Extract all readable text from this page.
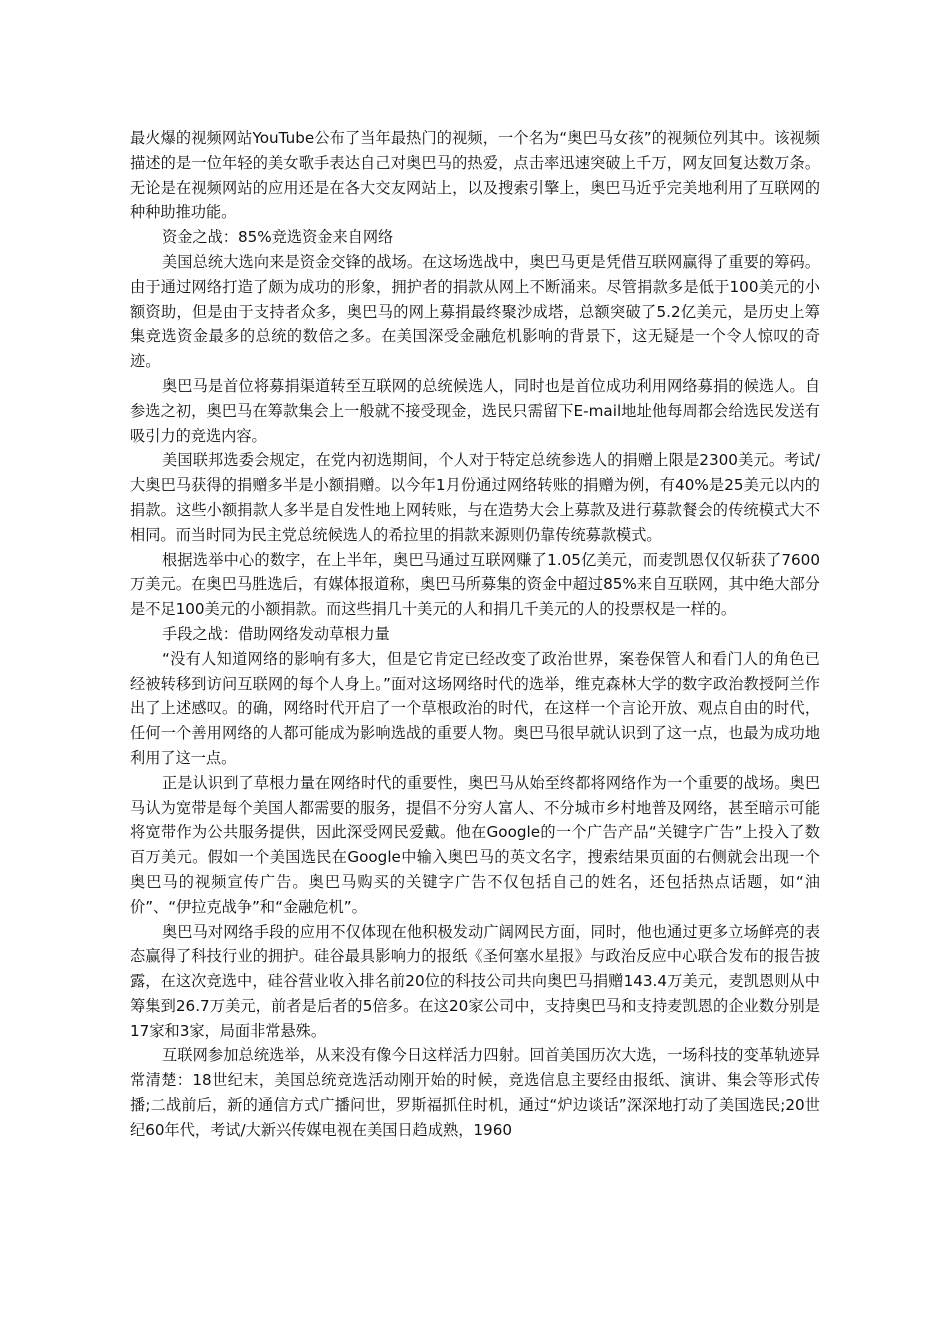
最火爆的视频网站YouTube公布了当年最热门的视频，一个名为“奥巴马女孩”的视频位列其中。该视频描述的是一位年轻的美女歌手表达自己对奥巴马的热爱，点击率迅速突破上千万，网友回复达数万条。无论是在视频网站的应用还是在各大交友网站上，以及搜索引擎上，奥巴马近乎完美地利用了互联网的种种助推功能。

资金之战：85%竞选资金来自网络

美国总统大选向来是资金交锋的战场。在这场选战中，奥巴马更是凭借互联网赢得了重要的筹码。由于通过网络打造了颇为成功的形象，拥护者的捐款从网上不断涌来。尽管捐款多是低于100美元的小额资助，但是由于支持者众多，奥巴马的网上募捐最终聚沙成塔，总额突破了5.2亿美元，是历史上筹集竞选资金最多的总统的数倍之多。在美国深受金融危机影响的背景下，这无疑是一个令人惊叹的奇迹。

奥巴马是首位将募捐渠道转至互联网的总统候选人，同时也是首位成功利用网络募捐的候选人。自参选之初，奥巴马在筹款集会上一般就不接受现金，选民只需留下E-mail地址他每周都会给选民发送有吸引力的竞选内容。

美国联邦选委会规定，在党内初选期间，个人对于特定总统参选人的捐赠上限是2300美元。考试/大奥巴马获得的捐赠多半是小额捐赠。以今年1月份通过网络转账的捐赠为例，有40%是25美元以内的捐款。这些小额捐款人多半是自发性地上网转账，与在造势大会上募款及进行募款餐会的传统模式大不相同。而当时同为民主党总统候选人的希拉里的捐款来源则仍靠传统募款模式。

根据选举中心的数字，在上半年，奥巴马通过互联网赚了1.05亿美元，而麦凯恩仅仅斩获了7600万美元。在奥巴马胜选后，有媒体报道称，奥巴马所募集的资金中超过85%来自互联网，其中绝大部分是不足100美元的小额捐款。而这些捐几十美元的人和捐几千美元的人的投票权是一样的。

手段之战：借助网络发动草根力量

“没有人知道网络的影响有多大，但是它肯定已经改变了政治世界，案卷保管人和看门人的角色已经被转移到访问互联网的每个人身上。”面对这场网络时代的选举，维克森林大学的数字政治教授阿兰作出了上述感叹。的确，网络时代开启了一个草根政治的时代，在这样一个言论开放、观点自由的时代，任何一个善用网络的人都可能成为影响选战的重要人物。奥巴马很早就认识到了这一点，也最为成功地利用了这一点。

正是认识到了草根力量在网络时代的重要性，奥巴马从始至终都将网络作为一个重要的战场。奥巴马认为宽带是每个美国人都需要的服务，提倡不分穷人富人、不分城市乡村地普及网络，甚至暗示可能将宽带作为公共服务提供，因此深受网民爱戴。他在Google的一个广告产品“关键字广告”上投入了数百万美元。假如一个美国选民在Google中输入奥巴马的英文名字，搜索结果页面的右侧就会出现一个奥巴马的视频宣传广告。奥巴马购买的关键字广告不仅包括自己的姓名，还包括热点话题，如“油价”、“伊拉克战争”和“金融危机”。

奥巴马对网络手段的应用不仅体现在他积极发动广阔网民方面，同时，他也通过更多立场鲜亮的表态赢得了科技行业的拥护。硅谷最具影响力的报纸《圣何塞水星报》与政治反应中心联合发布的报告披露，在这次竞选中，硅谷营业收入排名前20位的科技公司共向奥巴马捐赠143.4万美元，麦凯恩则从中筹集到26.7万美元，前者是后者的5倍多。在这20家公司中，支持奥巴马和支持麦凯恩的企业数分别是17家和3家，局面非常悬殊。

互联网参加总统选举，从来没有像今日这样活力四射。回首美国历次大选，一场科技的变革轨迹异常清楚：18世纪末，美国总统竞选活动刚开始的时候，竞选信息主要经由报纸、演讲、集会等形式传播;二战前后，新的通信方式广播问世，罗斯福抓住时机，通过“炉边谈话”深深地打动了美国选民;20世纪60年代，考试/大新兴传媒电视在美国日趋成熟，1960
